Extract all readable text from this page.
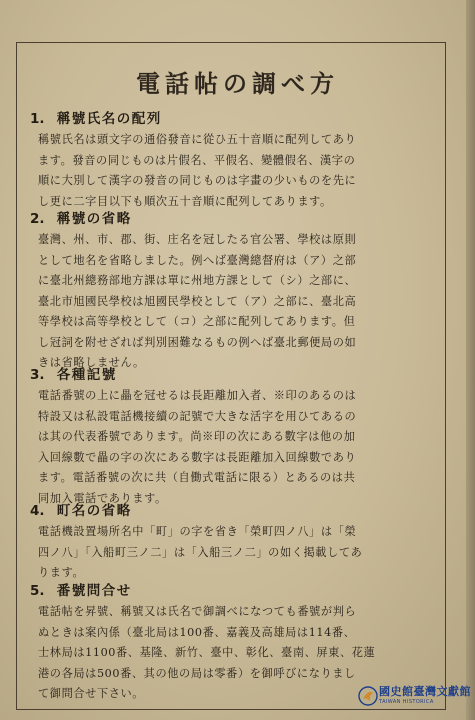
電話帖の調べ方
1. 稱號氏名の配列
稱號氏名は頭文字の通俗發音に從ひ五十音順に配列してあり
ます。發音の同じものは片假名、平假名、變體假名、漢字の
順に大別して漢字の發音の同じものは字畫の少いものを先に
し更に二字目以下も順次五十音順に配列してあります。
2. 稱號の省略
臺灣、州、市、郡、街、庄名を冠したる官公署、學校は原則
として地名を省略しました。例へば臺灣總督府は（ア）之部
に臺北州總務部地方課は單に州地方課として（シ）之部に、
臺北市旭國民學校は旭國民學校として（ア）之部に、臺北高
等學校は高等學校として（コ）之部に配列してあります。但
し冠詞を附せざれば判別困難なるもの例へば臺北郵便局の如
きは省略しません。
3. 各種記號
電話番號の上に畾を冠せるは長距離加入者、※印のあるのは
特設又は私設電話機接續の記號で大きな活字を用ひてあるの
は其の代表番號であります。尚※印の次にある數字は他の加
入回線數で畾の字の次にある數字は長距離加入回線數であり
ます。電話番號の次に共（自働式電話に限る）とあるのは共
同加入電話であります。
4. 町名の省略
電話機設置場所名中「町」の字を省き「榮町四ノ八」は「榮
四ノ八」「入船町三ノ二」は「入船三ノ二」の如く掲載してあ
ります。
5. 番號問合せ
電話帖を昇號、稱號又は氏名で御調べになつても番號が判ら
ぬときは案內係（臺北局は100番、嘉義及高雄局は114番、
士林局は1100番、基隆、新竹、臺中、彰化、臺南、屏東、花蓮
港の各局は500番、其の他の局は零番）を御呼びになりまし
て御問合せ下さい。	國史館臺灣文獻館
TAIWAN HISTORICA
